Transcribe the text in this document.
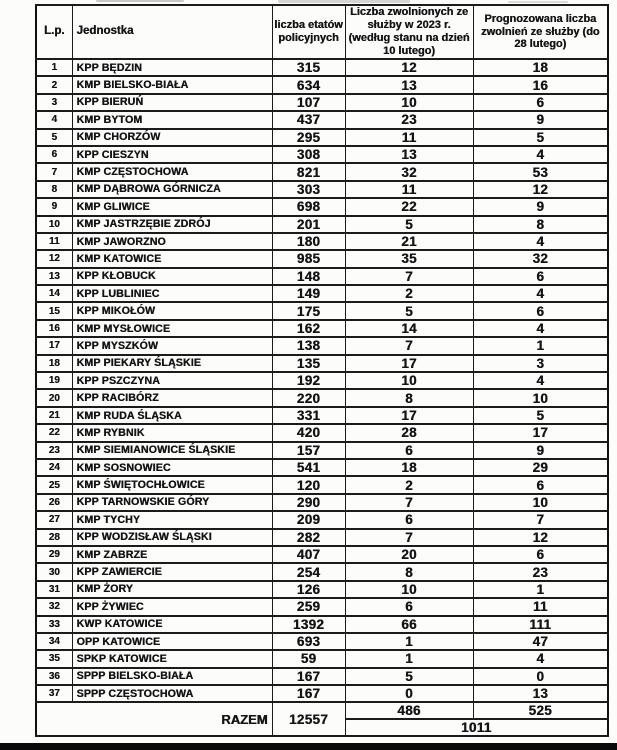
L.p.	Jednostka	liczba etatów policyjnych	Liczba zwolnionych ze służby w 2023 r. (według stanu na dzień 10 lutego)	Prognozowana liczba zwolnień ze służby (do 28 lutego)
1	KPP BĘDZIN	315	12	18
2	KMP BIELSKO-BIAŁA	634	13	16
3	KPP BIERUŃ	107	10	6
4	KMP BYTOM	437	23	9
5	KMP CHORZÓW	295	11	5
6	KPP CIESZYN	308	13	4
7	KMP CZĘSTOCHOWA	821	32	53
8	KMP DĄBROWA GÓRNICZA	303	11	12
9	KMP GLIWICE	698	22	9
10	KMP JASTRZĘBIE ZDRÓJ	201	5	8
11	KMP JAWORZNO	180	21	4
12	KMP KATOWICE	985	35	32
13	KPP KŁOBUCK	148	7	6
14	KPP LUBLINIEC	149	2	4
15	KPP MIKOŁÓW	175	5	6
16	KMP MYSŁOWICE	162	14	4
17	KPP MYSZKÓW	138	7	1
18	KMP PIEKARY ŚLĄSKIE	135	17	3
19	KPP PSZCZYNA	192	10	4
20	KPP RACIBÓRZ	220	8	10
21	KMP RUDA ŚLĄSKA	331	17	5
22	KMP RYBNIK	420	28	17
23	KMP SIEMIANOWICE ŚLĄSKIE	157	6	9
24	KMP SOSNOWIEC	541	18	29
25	KMP ŚWIĘTOCHŁOWICE	120	2	6
26	KPP TARNOWSKIE GÓRY	290	7	10
27	KMP TYCHY	209	6	7
28	KPP WODZISŁAW ŚLĄSKI	282	7	12
29	KMP ZABRZE	407	20	6
30	KPP ZAWIERCIE	254	8	23
31	KMP ŻORY	126	10	1
32	KPP ŻYWIEC	259	6	11
33	KWP KATOWICE	1392	66	111
34	OPP KATOWICE	693	1	47
35	SPKP KATOWICE	59	1	4
36	SPPP BIELSKO-BIAŁA	167	5	0
37	SPPP CZĘSTOCHOWA	167	0	13
RAZEM		12557	486	525
			1011	
